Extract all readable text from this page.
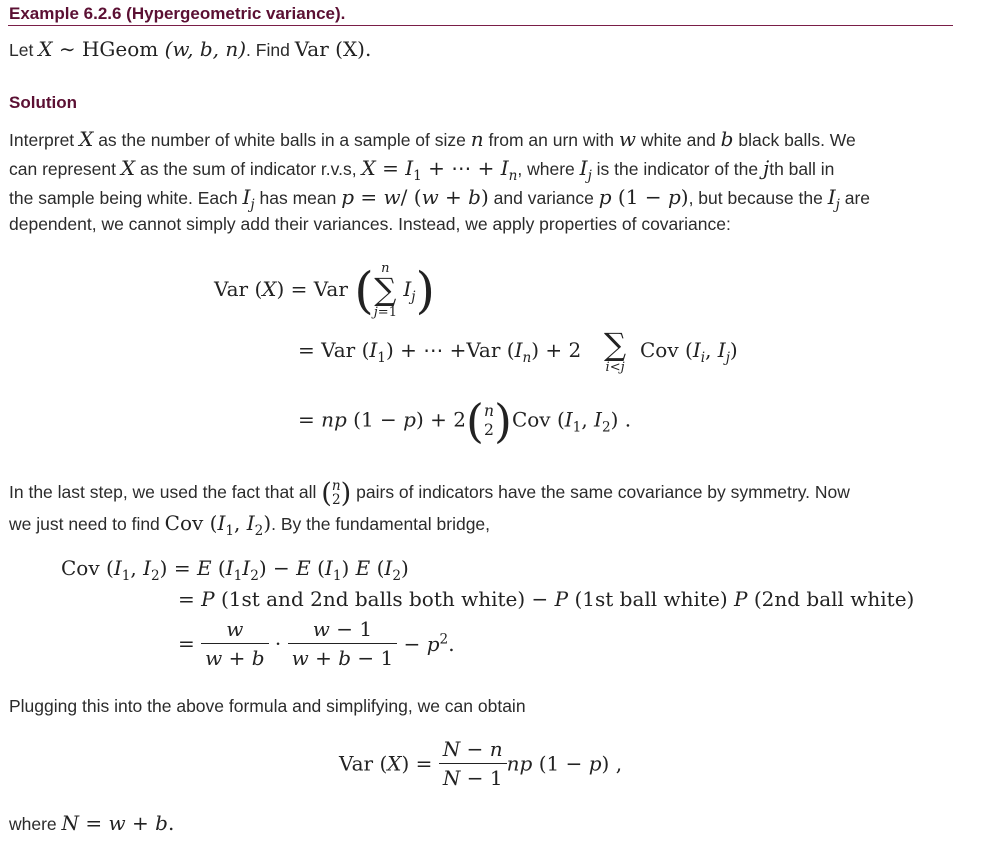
Example 6.2.6 (Hypergeometric variance).
Let X ∼ HGeom (w, b, n). Find Var (X).
Solution
Interpret X as the number of white balls in a sample of size n from an urn with w white and b black balls. We
can represent X as the sum of indicator r.v.s, $X = I_1$ + ⋯ + $I_n$, where $I_j$ is the indicator of the jth ball in
the sample being white. Each $I_j$ has mean p = w/ (w + b) and variance p (1 − p), but because the $I_j$ are
dependent, we cannot simply add their variances. Instead, we apply properties of covariance:
Var (X) = Var ( n
∑
j=1
$I_j$)
= Var $(I_1)$ + ⋯ +Var $(I_n) + 2$ ∑
i<j
Cov ($I_i$, $I_j$)
= np (1 − p) + 2(n
2)Cov ($I_1$, $I_2$) .
In the last step, we used the fact that all (n
2) pairs of indicators have the same covariance by symmetry. Now
we just need to find Cov ($I_1$, $I_2$). By the fundamental bridge,
Cov ($I_1$, $I_2) = E$ $(I_1I_2) - E$ $(I_1)$ E $(I_2)$
= P (1st and 2nd balls both white) − P (1st ball white) P (2nd ball white)
= $\frac{w}{w + b} \cdot \frac{w - 1}{w + b - 1} - p^2$.
Plugging this into the above formula and simplifying, we can obtain
Var $(X) = \frac{N - n}{N - 1}$ np (1 − p) ,
where N = w + b.
